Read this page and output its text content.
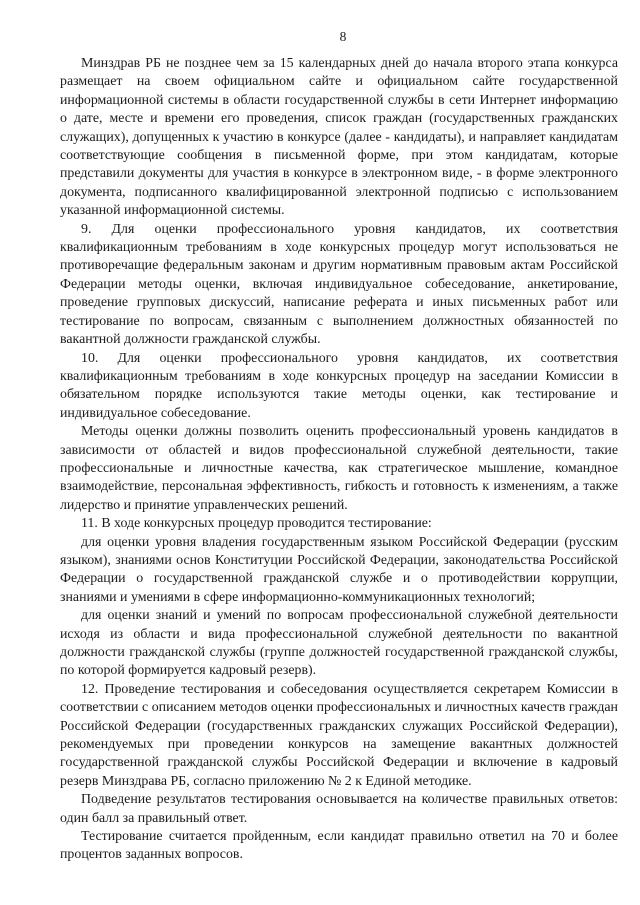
8

Минздрав РБ не позднее чем за 15 календарных дней до начала второго этапа конкурса размещает на своем официальном сайте и официальном сайте государственной информационной системы в области государственной службы в сети Интернет информацию о дате, месте и времени его проведения, список граждан (государственных гражданских служащих), допущенных к участию в конкурсе (далее - кандидаты), и направляет кандидатам соответствующие сообщения в письменной форме, при этом кандидатам, которые представили документы для участия в конкурсе в электронном виде, - в форме электронного документа, подписанного квалифицированной электронной подписью с использованием указанной информационной системы.

9. Для оценки профессионального уровня кандидатов, их соответствия квалификационным требованиям в ходе конкурсных процедур могут использоваться не противоречащие федеральным законам и другим нормативным правовым актам Российской Федерации методы оценки, включая индивидуальное собеседование, анкетирование, проведение групповых дискуссий, написание реферата и иных письменных работ или тестирование по вопросам, связанным с выполнением должностных обязанностей по вакантной должности гражданской службы.

10. Для оценки профессионального уровня кандидатов, их соответствия квалификационным требованиям в ходе конкурсных процедур на заседании Комиссии в обязательном порядке используются такие методы оценки, как тестирование и индивидуальное собеседование.

Методы оценки должны позволить оценить профессиональный уровень кандидатов в зависимости от областей и видов профессиональной служебной деятельности, такие профессиональные и личностные качества, как стратегическое мышление, командное взаимодействие, персональная эффективность, гибкость и готовность к изменениям, а также лидерство и принятие управленческих решений.

11. В ходе конкурсных процедур проводится тестирование:

для оценки уровня владения государственным языком Российской Федерации (русским языком), знаниями основ Конституции Российской Федерации, законодательства Российской Федерации о государственной гражданской службе и о противодействии коррупции, знаниями и умениями в сфере информационно-коммуникационных технологий;

для оценки знаний и умений по вопросам профессиональной служебной деятельности исходя из области и вида профессиональной служебной деятельности по вакантной должности гражданской службы (группе должностей государственной гражданской службы, по которой формируется кадровый резерв).

12. Проведение тестирования и собеседования осуществляется секретарем Комиссии в соответствии с описанием методов оценки профессиональных и личностных качеств граждан Российской Федерации (государственных гражданских служащих Российской Федерации), рекомендуемых при проведении конкурсов на замещение вакантных должностей государственной гражданской службы Российской Федерации и включение в кадровый резерв Минздрава РБ, согласно приложению № 2 к Единой методике.

Подведение результатов тестирования основывается на количестве правильных ответов: один балл за правильный ответ.

Тестирование считается пройденным, если кандидат правильно ответил на 70 и более процентов заданных вопросов.
